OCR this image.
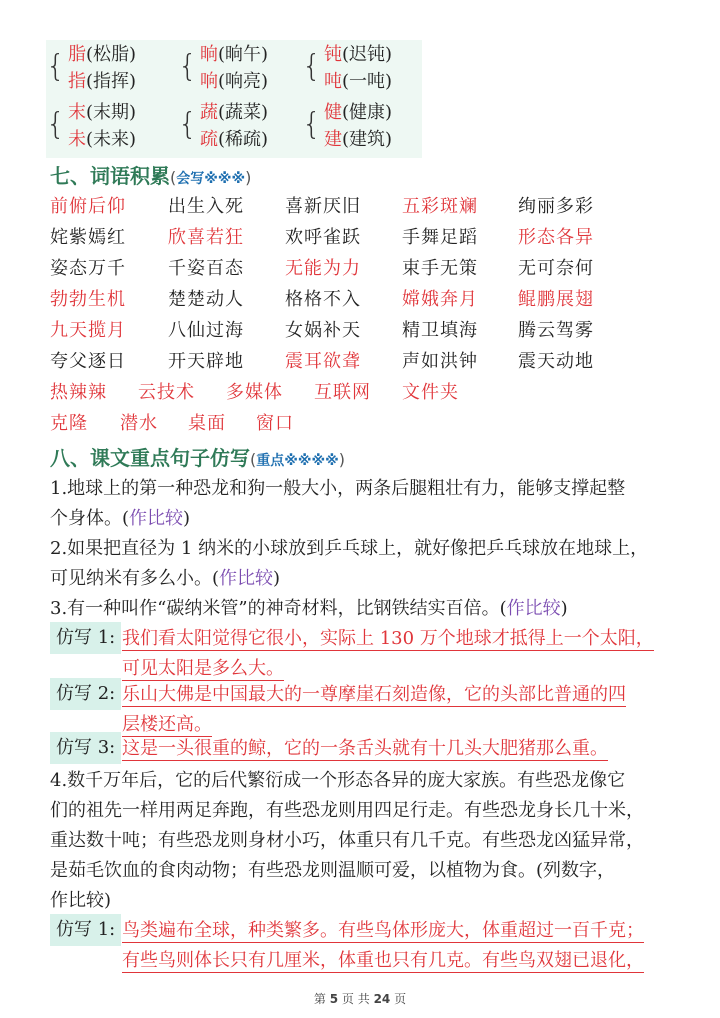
{ 脂(松脂)
指(指挥) { 晌(晌午)
响(响亮) { 钝(迟钝)
吨(一吨)
{ 末(末期)
未(未来) { 蔬(蔬菜)
疏(稀疏) { 健(健康)
建(建筑)
七、词语积累(会写※※※)
前俯后仰 出生入死 喜新厌旧 五彩斑斓 绚丽多彩
姹紫嫣红 欣喜若狂 欢呼雀跃 手舞足蹈 形态各异
姿态万千 千姿百态 无能为力 束手无策 无可奈何
勃勃生机 楚楚动人 格格不入 嫦娥奔月 鲲鹏展翅
九天揽月 八仙过海 女娲补天 精卫填海 腾云驾雾
夸父逐日 开天辟地 震耳欲聋 声如洪钟 震天动地
热辣辣 云技术 多媒体 互联网 文件夹
克隆 潜水 桌面 窗口
八、课文重点句子仿写(重点※※※※)
1.地球上的第一种恐龙和狗一般大小，两条后腿粗壮有力，能够支撑起整
个身体。(作比较)
2.如果把直径为 1 纳米的小球放到乒乓球上，就好像把乒乓球放在地球上，
可见纳米有多么小。(作比较)
3.有一种叫作“碳纳米管”的神奇材料，比钢铁结实百倍。(作比较)
仿写 1: 我们看太阳觉得它很小，实际上 130 万个地球才抵得上一个太阳，
可见太阳是多么大。
仿写 2: 乐山大佛是中国最大的一尊摩崖石刻造像，它的头部比普通的四
层楼还高。
仿写 3: 这是一头很重的鲸，它的一条舌头就有十几头大肥猪那么重。
4.数千万年后，它的后代繁衍成一个形态各异的庞大家族。有些恐龙像它
们的祖先一样用两足奔跑，有些恐龙则用四足行走。有些恐龙身长几十米，
重达数十吨；有些恐龙则身材小巧，体重只有几千克。有些恐龙凶猛异常，
是茹毛饮血的食肉动物；有些恐龙则温顺可爱，以植物为食。(列数字，
作比较)
仿写 1: 鸟类遍布全球，种类繁多。有些鸟体形庞大，体重超过一百千克；
有些鸟则体长只有几厘米，体重也只有几克。有些鸟双翅已退化，
第 5 页 共 24 页
